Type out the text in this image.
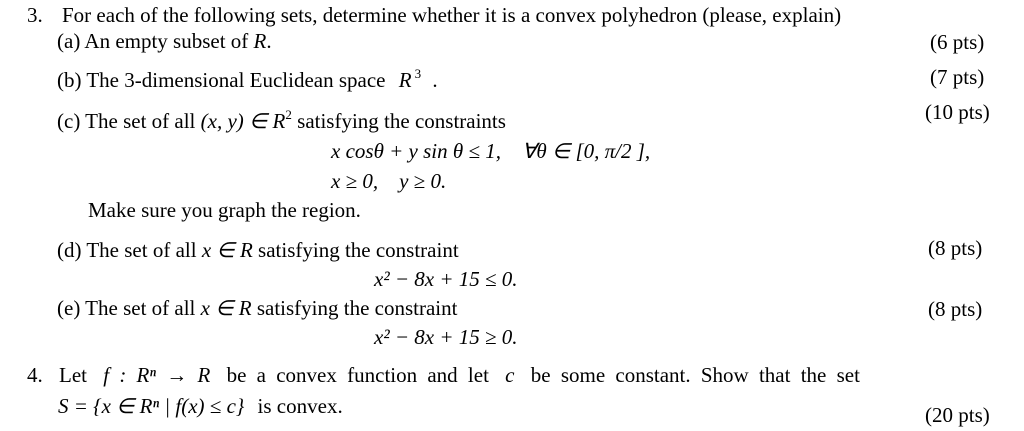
3. For each of the following sets, determine whether it is a convex polyhedron (please, explain)
(a) An empty subset of R.	(6 pts)
(b) The 3-dimensional Euclidean space R $^3$ .	(7 pts)
(c) The set of all (x, y) ∈ $R^2$ satisfying the constraints	(10 pts)
x cosθ + y sin θ ≤ 1,    ∀θ ∈ [0, π/2 ],
x ≥ 0,    y ≥ 0.
Make sure you graph the region.
(d) The set of all x ∈ R satisfying the constraint	(8 pts)
x² − 8x + 15 ≤ 0.
(e) The set of all x ∈ R satisfying the constraint	(8 pts)
x² − 8x + 15 ≥ 0.
4. Let f : Rⁿ → R be a convex function and let c be some constant. Show that the set
S = {x ∈ Rⁿ | f(x) ≤ c} is convex.	(20 pts)
